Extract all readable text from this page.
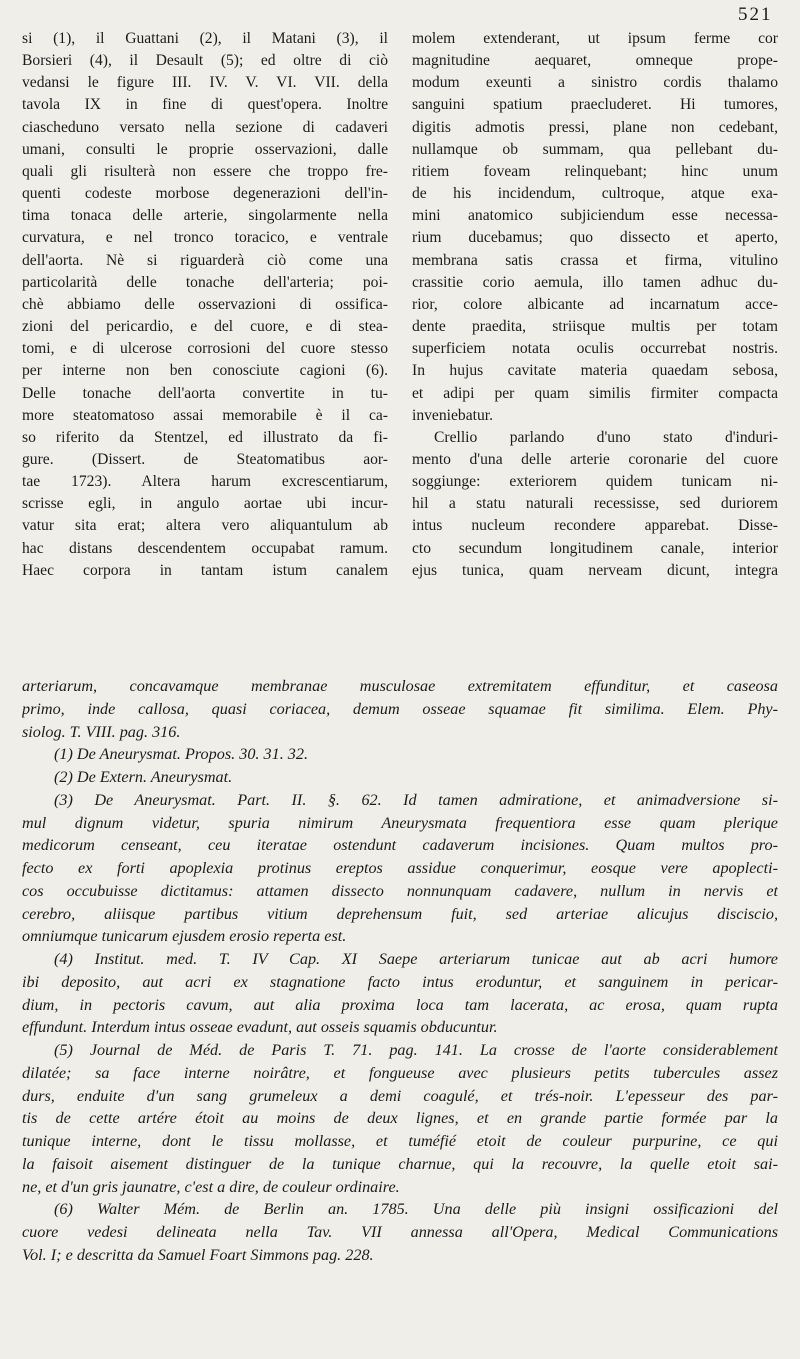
521
si (1), il Guattani (2), il Matani (3), il
Borsieri (4), il Desault (5); ed oltre di ciò
vedansi le figure III. IV. V. VI. VII. della
tavola IX in fine di quest'opera. Inoltre
ciascheduno versato nella sezione di cadaveri
umani, consulti le proprie osservazioni, dalle
quali gli risulterà non essere che troppo fre-
quenti codeste morbose degenerazioni dell'in-
tima tonaca delle arterie, singolarmente nella
curvatura, e nel tronco toracico, e ventrale
dell'aorta. Nè si riguarderà ciò come una
particolarità delle tonache dell'arteria; poi-
chè abbiamo delle osservazioni di ossifica-
zioni del pericardio, e del cuore, e di stea-
tomi, e di ulcerose corrosioni del cuore stesso
per interne non ben conosciute cagioni (6).
Delle tonache dell'aorta convertite in tu-
more steatomatoso assai memorabile è il ca-
so riferito da Stentzel, ed illustrato da fi-
gure. (Dissert. de Steatomatibus aor-
tae 1723). Altera harum excrescentiarum,
scrisse egli, in angulo aortae ubi incur-
vatur sita erat; altera vero aliquantulum ab
hac distans descendentem occupabat ramum.
Haec corpora in tantam istum canalem
molem extenderant, ut ipsum ferme cor
magnitudine aequaret, omneque prope-
modum exeunti a sinistro cordis thalamo
sanguini spatium praecluderet. Hi tumores,
digitis admotis pressi, plane non cedebant,
nullamque ob summam, qua pellebant du-
ritiem foveam relinquebant; hinc unum
de his incidendum, cultroque, atque exa-
mini anatomico subjiciendum esse necessa-
rium ducebamus; quo dissecto et aperto,
membrana satis crassa et firma, vitulino
crassitie corio aemula, illo tamen adhuc du-
rior, colore albicante ad incarnatum acce-
dente praedita, striisque multis per totam
superficiem notata oculis occurrebat nostris.
In hujus cavitate materia quaedam sebosa,
et adipi per quam similis firmiter compacta
inveniebatur.
Crellio parlando d'uno stato d'induri-
mento d'una delle arterie coronarie del cuore
soggiunge: exteriorem quidem tunicam ni-
hil a statu naturali recessisse, sed duriorem
intus nucleum recondere apparebat. Disse-
cto secundum longitudinem canale, interior
ejus tunica, quam nerveam dicunt, integra
arteriarum, concavamque membranae musculosae extremitatem effunditur, et caseosa
primo, inde callosa, quasi coriacea, demum osseae squamae fit similima. Elem. Phy-
siolog. T. VIII. pag. 316.
(1) De Aneurysmat. Propos. 30. 31. 32.
(2) De Extern. Aneurysmat.
(3) De Aneurysmat. Part. II. §. 62. Id tamen admiratione, et animadversione si-
mul dignum videtur, spuria nimirum Aneurysmata frequentiora esse quam plerique
medicorum censeant, ceu iteratae ostendunt cadaverum incisiones. Quam multos pro-
fecto ex forti apoplexia protinus ereptos assidue conquerimur, eosque vere apoplecti-
cos occubuisse dictitamus: attamen dissecto nonnunquam cadavere, nullum in nervis et
cerebro, aliisque partibus vitium deprehensum fuit, sed arteriae alicujus disciscio,
omniumque tunicarum ejusdem erosio reperta est.
(4) Institut. med. T. IV Cap. XI Saepe arteriarum tunicae aut ab acri humore
ibi deposito, aut acri ex stagnatione facto intus eroduntur, et sanguinem in pericar-
dium, in pectoris cavum, aut alia proxima loca tam lacerata, ac erosa, quam rupta
effundunt. Interdum intus osseae evadunt, aut osseis squamis obducuntur.
(5) Journal de Méd. de Paris T. 71. pag. 141. La crosse de l'aorte considerablement
dilatée; sa face interne noirâtre, et fongueuse avec plusieurs petits tubercules assez
durs, enduite d'un sang grumeleux a demi coagulé, et trés-noir. L'epesseur des par-
tis de cette artére étoit au moins de deux lignes, et en grande partie formée par la
tunique interne, dont le tissu mollasse, et tuméfié etoit de couleur purpurine, ce qui
la faisoit aisement distinguer de la tunique charnue, qui la recouvre, la quelle etoit sai-
ne, et d'un gris jaunatre, c'est a dire, de couleur ordinaire.
(6) Walter Mém. de Berlin an. 1785. Una delle più insigni ossificazioni del
cuore vedesi delineata nella Tav. VII annessa all'Opera, Medical Communications
Vol. I; e descritta da Samuel Foart Simmons pag. 228.
